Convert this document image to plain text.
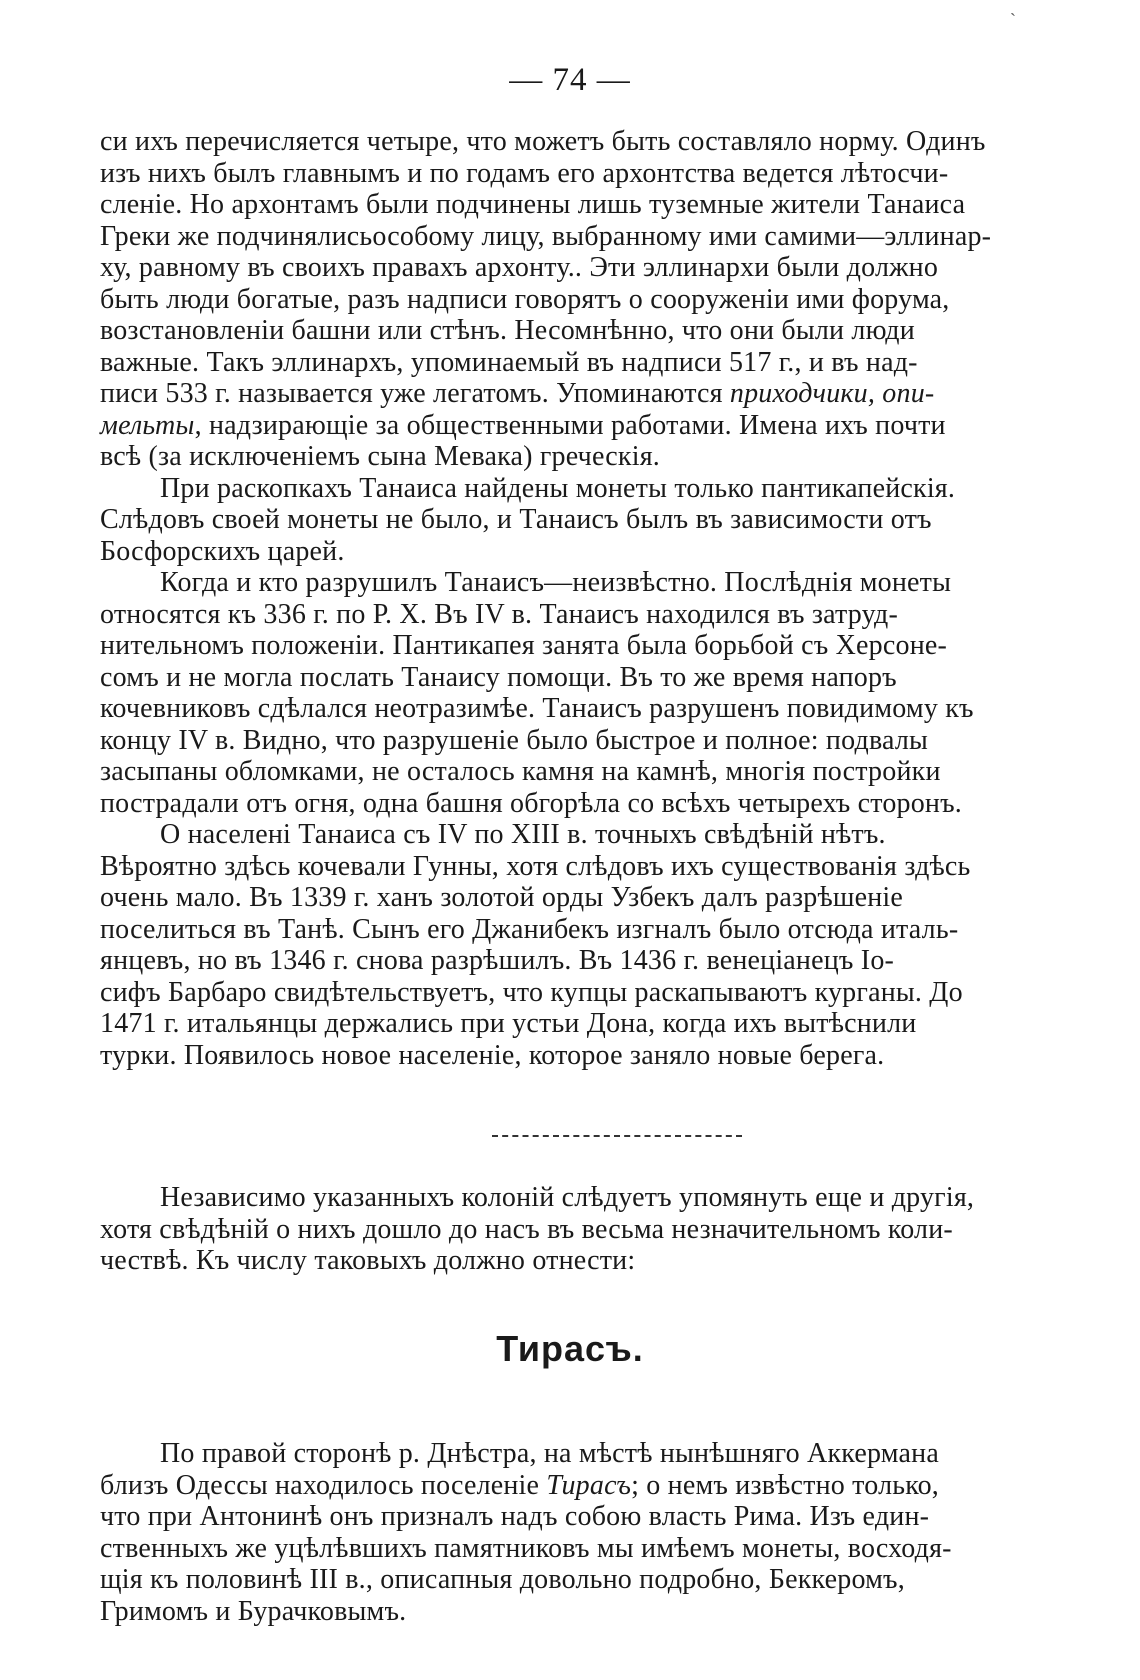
`
— 74 —
си ихъ перечисляется четыре, что можетъ быть составляло норму. Одинъ
изъ нихъ былъ главнымъ и по годамъ его архонтства ведется лѣтосчи-
сленіе. Но архонтамъ были подчинены лишь туземные жители Танаиса
Греки же подчинялисьособому лицу, выбранному ими самими—эллинар-
ху, равному въ своихъ правахъ архонту.. Эти эллинархи были должно
быть люди богатые, разъ надписи говорятъ о сооруженіи ими форума,
возстановленіи башни или стѣнъ. Несомнѣнно, что они были люди
важные. Такъ эллинархъ, упоминаемый въ надписи 517 г., и въ над-
писи 533 г. называется уже легатомъ. Упоминаются приходчики, опи-
мельты, надзирающіе за общественными работами. Имена ихъ почти
всѣ (за исключеніемъ сына Мевака) греческія.
При раскопкахъ Танаиса найдены монеты только пантикапейскія.
Слѣдовъ своей монеты не было, и Танаисъ былъ въ зависимости отъ
Босфорскихъ царей.
Когда и кто разрушилъ Танаисъ—неизвѣстно. Послѣднія монеты
относятся къ 336 г. по Р. Х. Въ IV в. Танаисъ находился въ затруд-
нительномъ положеніи. Пантикапея занята была борьбой съ Херсоне-
сомъ и не могла послать Танаису помощи. Въ то же время напоръ
кочевниковъ сдѣлался неотразимѣе. Танаисъ разрушенъ повидимому къ
концу IV в. Видно, что разрушеніе было быстрое и полное: подвалы
засыпаны обломками, не осталось камня на камнѣ, многія постройки
пострадали отъ огня, одна башня обгорѣла со всѣхъ четырехъ сторонъ.
О населені Танаиса съ IV по XIII в. точныхъ свѣдѣній нѣтъ.
Вѣроятно здѣсь кочевали Гунны, хотя слѣдовъ ихъ существованія здѣсь
очень мало. Въ 1339 г. ханъ золотой орды Узбекъ далъ разрѣшеніе
поселиться въ Танѣ. Сынъ его Джанибекъ изгналъ было отсюда италь-
янцевъ, но въ 1346 г. снова разрѣшилъ. Въ 1436 г. венеціанецъ Іо-
сифъ Барбаро свидѣтельствуетъ, что купцы раскапываютъ курганы. До
1471 г. итальянцы держались при устьи Дона, когда ихъ вытѣснили
турки. Появилось новое населеніе, которое заняло новые берега.
Независимо указанныхъ колоній слѣдуетъ упомянуть еще и другія,
хотя свѣдѣній о нихъ дошло до насъ въ весьма незначительномъ коли-
чествѣ. Къ числу таковыхъ должно отнести:
Тирасъ.
По правой сторонѣ р. Днѣстра, на мѣстѣ нынѣшняго Аккермана
близъ Одессы находилось поселеніе Тирасъ; о немъ извѣстно только,
что при Антонинѣ онъ призналъ надъ собою власть Рима. Изъ един-
ственныхъ же уцѣлѣвшихъ памятниковъ мы имѣемъ монеты, восходя-
щія къ половинѣ III в., описапныя довольно подробно, Беккеромъ,
Гримомъ и Бурачковымъ.
